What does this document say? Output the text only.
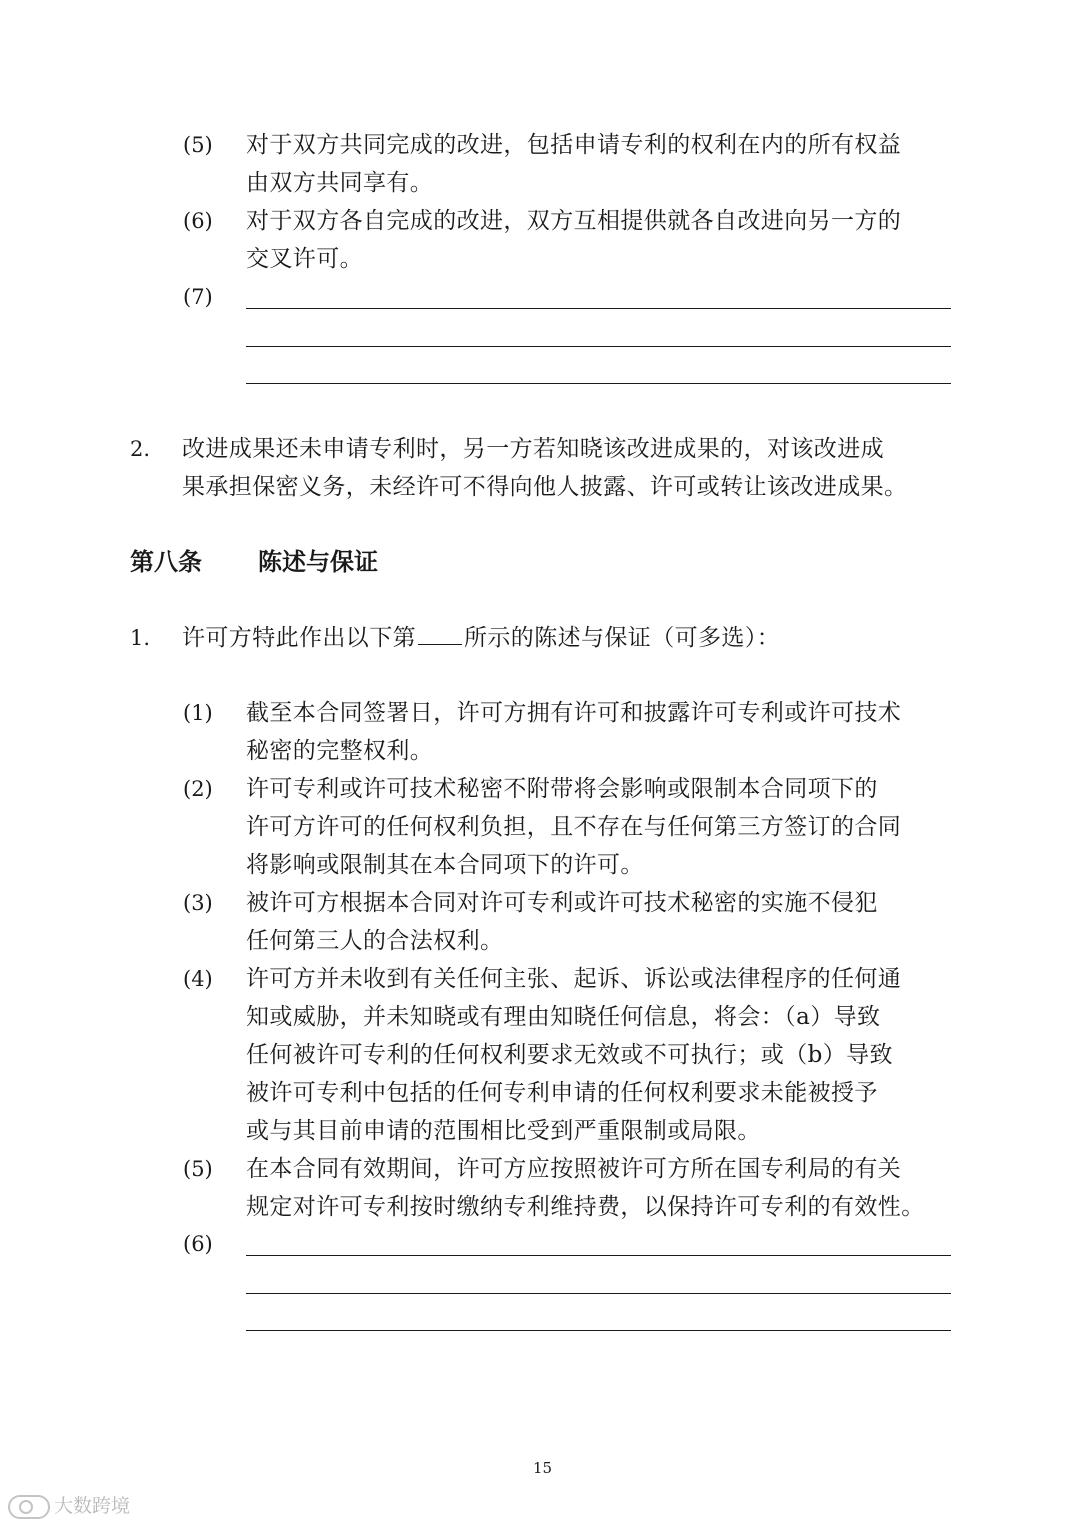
(5) 对于双方共同完成的改进，包括申请专利的权利在内的所有权益
由双方共同享有。
(6) 对于双方各自完成的改进，双方互相提供就各自改进向另一方的
交叉许可。
(7)
2. 改进成果还未申请专利时，另一方若知晓该改进成果的，对该改进成
果承担保密义务，未经许可不得向他人披露、许可或转让该改进成果。
第八条 陈述与保证
1. 许可方特此作出以下第 所示的陈述与保证（可多选）：
(1) 截至本合同签署日，许可方拥有许可和披露许可专利或许可技术
秘密的完整权利。
(2) 许可专利或许可技术秘密不附带将会影响或限制本合同项下的
许可方许可的任何权利负担，且不存在与任何第三方签订的合同
将影响或限制其在本合同项下的许可。
(3) 被许可方根据本合同对许可专利或许可技术秘密的实施不侵犯
任何第三人的合法权利。
(4) 许可方并未收到有关任何主张、起诉、诉讼或法律程序的任何通
知或威胁，并未知晓或有理由知晓任何信息，将会：（a）导致
任何被许可专利的任何权利要求无效或不可执行；或（b）导致
被许可专利中包括的任何专利申请的任何权利要求未能被授予
或与其目前申请的范围相比受到严重限制或局限。
(5) 在本合同有效期间，许可方应按照被许可方所在国专利局的有关
规定对许可专利按时缴纳专利维持费，以保持许可专利的有效性。
(6)
15
大数跨境
